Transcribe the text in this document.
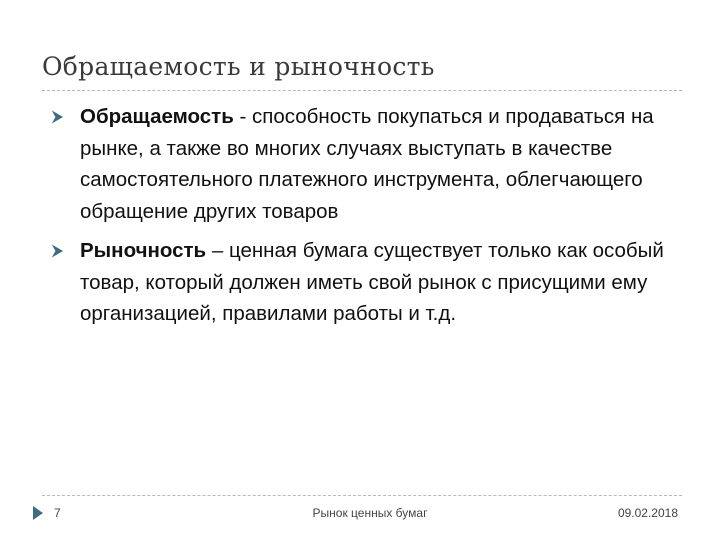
Обращаемость и рыночность
Обращаемость - способность покупаться и продаваться на рынке, а также во многих случаях выступать в качестве самостоятельного платежного инструмента, облегчающего обращение других товаров
Рыночность – ценная бумага существует только как особый товар, который должен иметь свой рынок с присущими ему организацией, правилами работы и т.д.
7	Рынок ценных бумаг	09.02.2018
